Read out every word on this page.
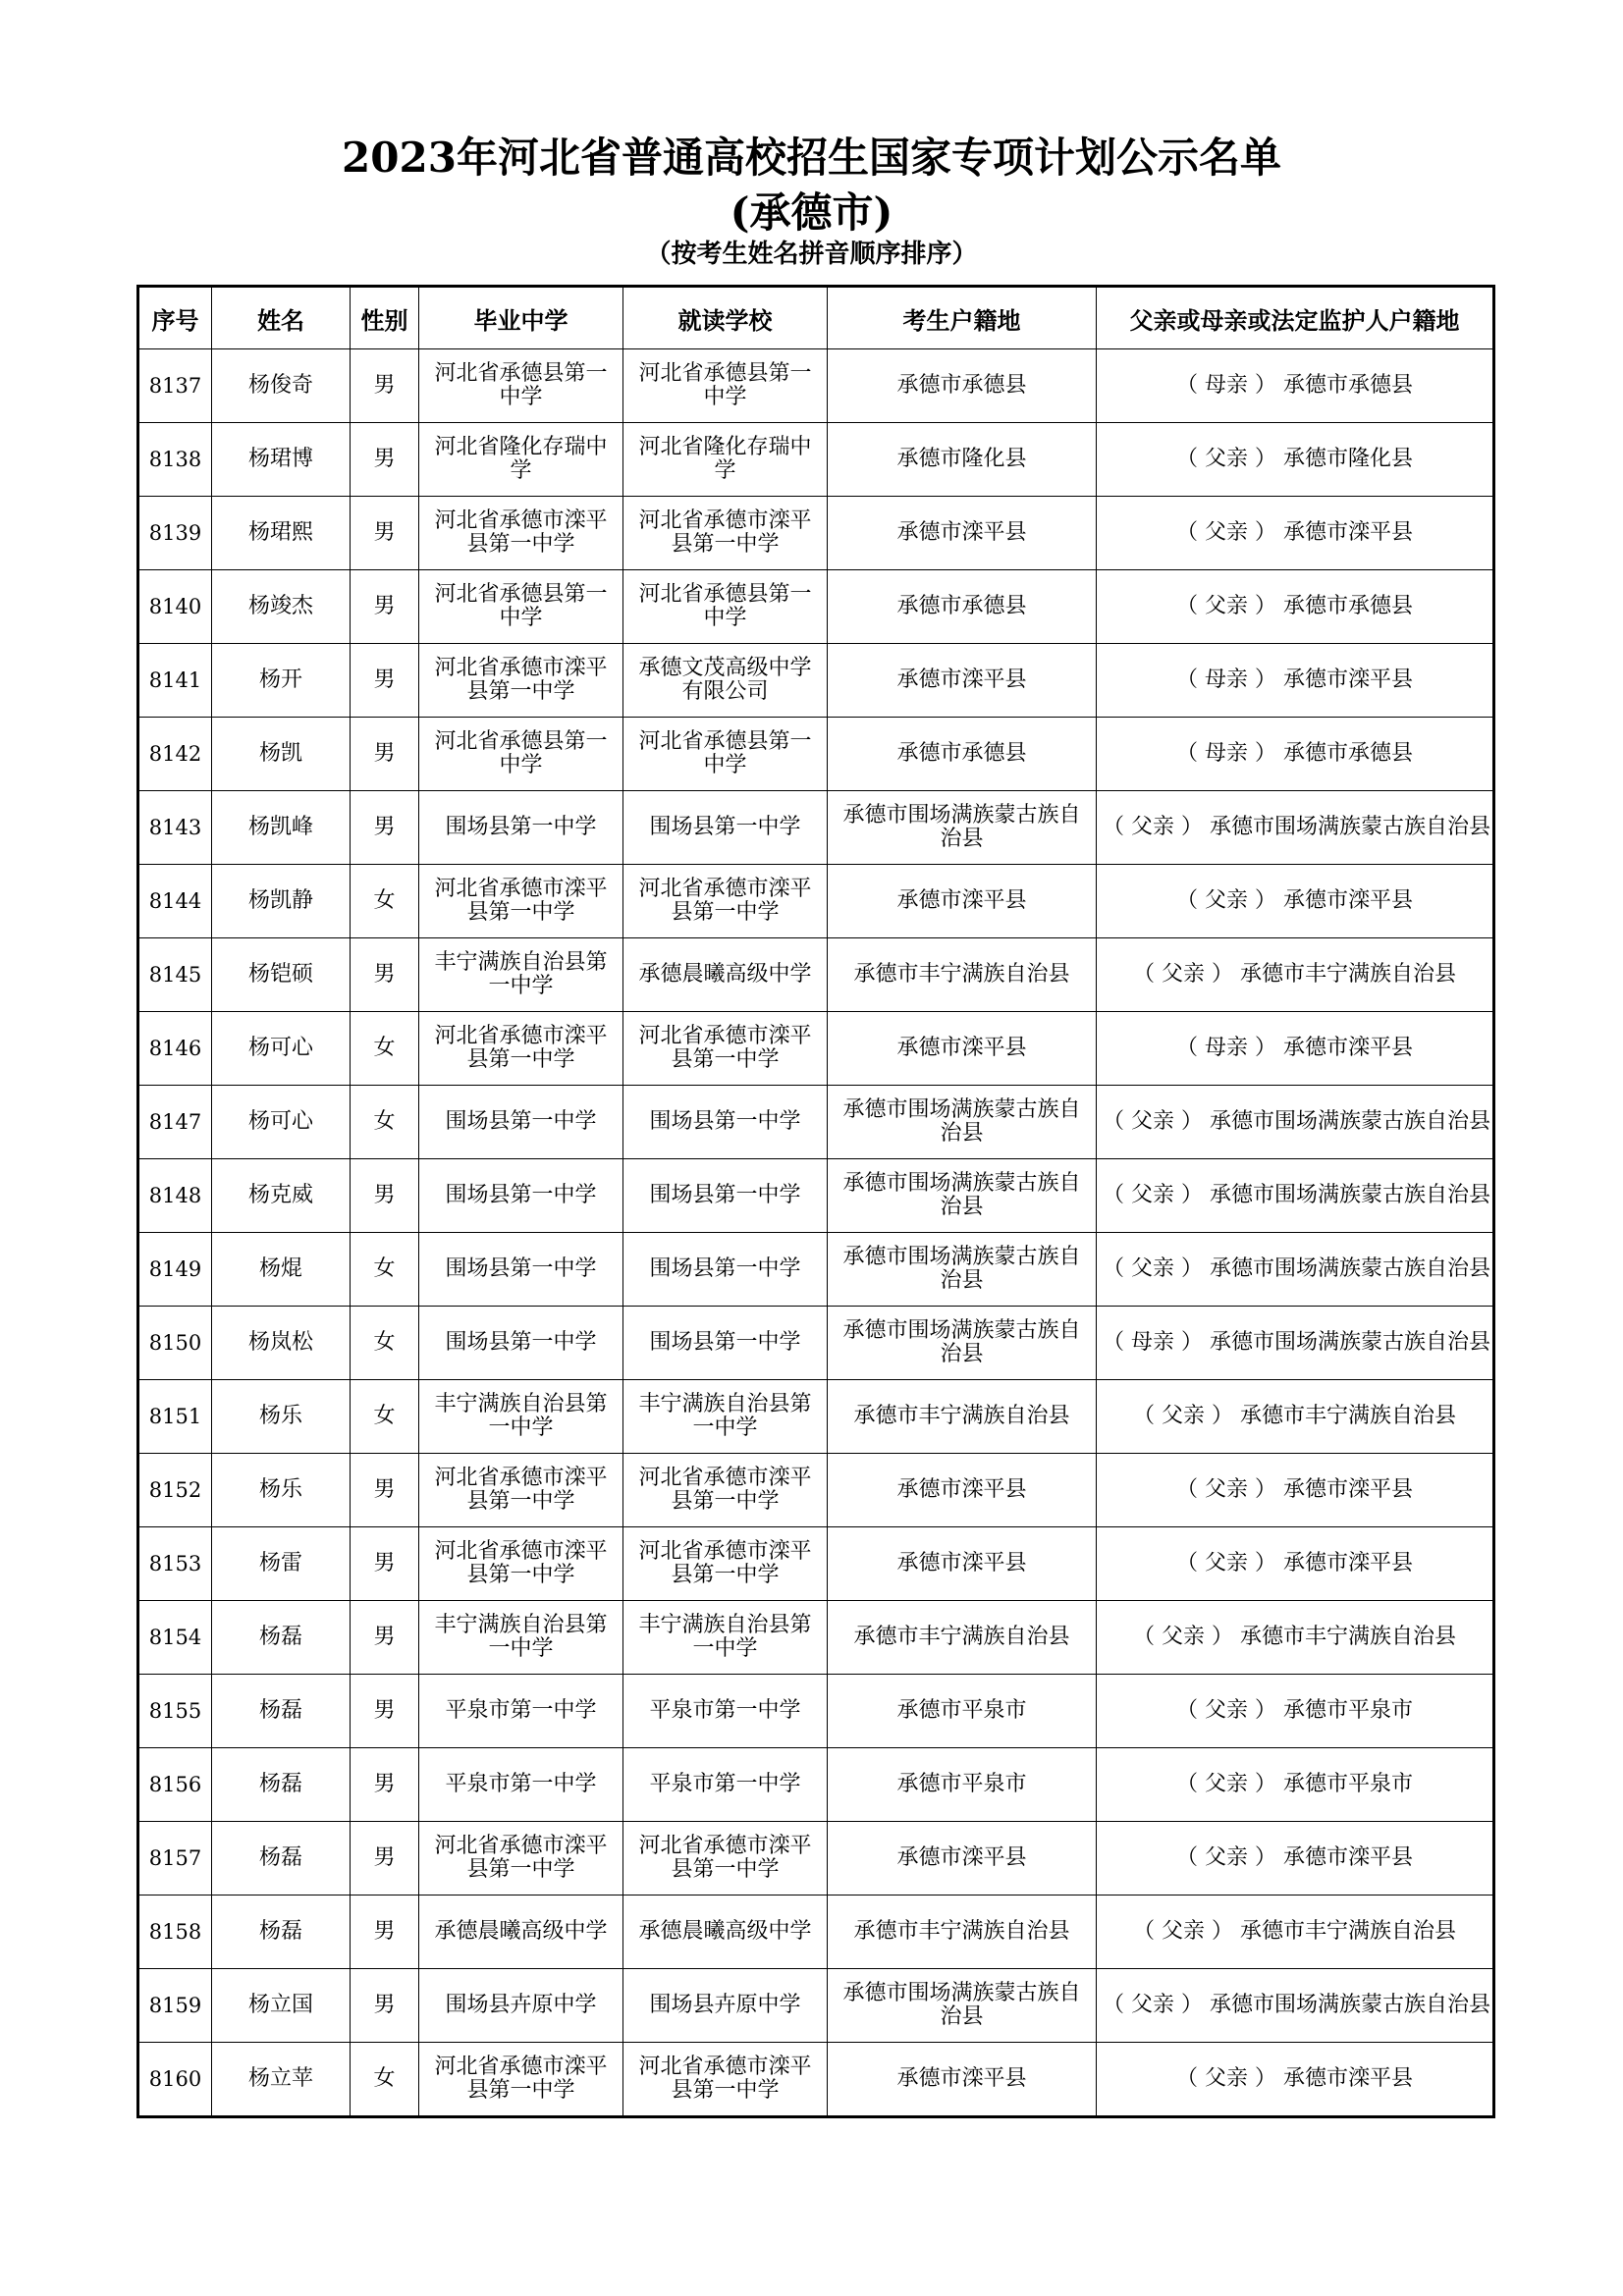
2023年河北省普通高校招生国家专项计划公示名单
(承德市)
（按考生姓名拼音顺序排序）
序号	姓名	性别	毕业中学	就读学校	考生户籍地	父亲或母亲或法定监护人户籍地
8137	杨俊奇	男	河北省承德县第一中学	河北省承德县第一中学	承德市承德县	（ 母亲 ） 承德市承德县
8138	杨珺博	男	河北省隆化存瑞中学	河北省隆化存瑞中学	承德市隆化县	（ 父亲 ） 承德市隆化县
8139	杨珺熙	男	河北省承德市滦平县第一中学	河北省承德市滦平县第一中学	承德市滦平县	（ 父亲 ） 承德市滦平县
8140	杨竣杰	男	河北省承德县第一中学	河北省承德县第一中学	承德市承德县	（ 父亲 ） 承德市承德县
8141	杨开	男	河北省承德市滦平县第一中学	承德文茂高级中学有限公司	承德市滦平县	（ 母亲 ） 承德市滦平县
8142	杨凯	男	河北省承德县第一中学	河北省承德县第一中学	承德市承德县	（ 母亲 ） 承德市承德县
8143	杨凯峰	男	围场县第一中学	围场县第一中学	承德市围场满族蒙古族自治县	（ 父亲 ） 承德市围场满族蒙古族自治县
8144	杨凯静	女	河北省承德市滦平县第一中学	河北省承德市滦平县第一中学	承德市滦平县	（ 父亲 ） 承德市滦平县
8145	杨铠硕	男	丰宁满族自治县第一中学	承德晨曦高级中学	承德市丰宁满族自治县	（ 父亲 ） 承德市丰宁满族自治县
8146	杨可心	女	河北省承德市滦平县第一中学	河北省承德市滦平县第一中学	承德市滦平县	（ 母亲 ） 承德市滦平县
8147	杨可心	女	围场县第一中学	围场县第一中学	承德市围场满族蒙古族自治县	（ 父亲 ） 承德市围场满族蒙古族自治县
8148	杨克威	男	围场县第一中学	围场县第一中学	承德市围场满族蒙古族自治县	（ 父亲 ） 承德市围场满族蒙古族自治县
8149	杨焜	女	围场县第一中学	围场县第一中学	承德市围场满族蒙古族自治县	（ 父亲 ） 承德市围场满族蒙古族自治县
8150	杨岚松	女	围场县第一中学	围场县第一中学	承德市围场满族蒙古族自治县	（ 母亲 ） 承德市围场满族蒙古族自治县
8151	杨乐	女	丰宁满族自治县第一中学	丰宁满族自治县第一中学	承德市丰宁满族自治县	（ 父亲 ） 承德市丰宁满族自治县
8152	杨乐	男	河北省承德市滦平县第一中学	河北省承德市滦平县第一中学	承德市滦平县	（ 父亲 ） 承德市滦平县
8153	杨雷	男	河北省承德市滦平县第一中学	河北省承德市滦平县第一中学	承德市滦平县	（ 父亲 ） 承德市滦平县
8154	杨磊	男	丰宁满族自治县第一中学	丰宁满族自治县第一中学	承德市丰宁满族自治县	（ 父亲 ） 承德市丰宁满族自治县
8155	杨磊	男	平泉市第一中学	平泉市第一中学	承德市平泉市	（ 父亲 ） 承德市平泉市
8156	杨磊	男	平泉市第一中学	平泉市第一中学	承德市平泉市	（ 父亲 ） 承德市平泉市
8157	杨磊	男	河北省承德市滦平县第一中学	河北省承德市滦平县第一中学	承德市滦平县	（ 父亲 ） 承德市滦平县
8158	杨磊	男	承德晨曦高级中学	承德晨曦高级中学	承德市丰宁满族自治县	（ 父亲 ） 承德市丰宁满族自治县
8159	杨立国	男	围场县卉原中学	围场县卉原中学	承德市围场满族蒙古族自治县	（ 父亲 ） 承德市围场满族蒙古族自治县
8160	杨立苹	女	河北省承德市滦平县第一中学	河北省承德市滦平县第一中学	承德市滦平县	（ 父亲 ） 承德市滦平县
